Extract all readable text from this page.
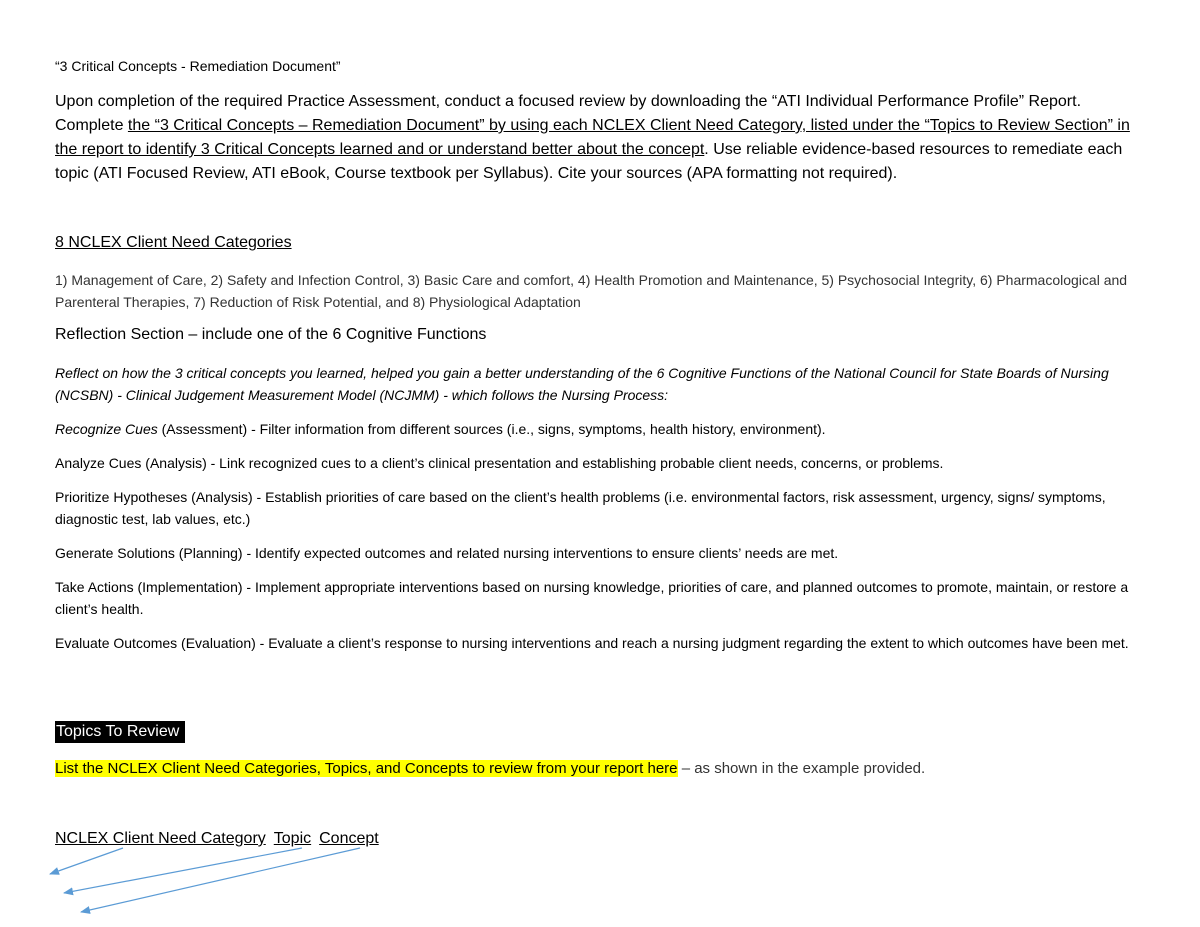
“3 Critical Concepts - Remediation Document”
Upon completion of the required Practice Assessment, conduct a focused review by downloading the “ATI Individual Performance Profile” Report. Complete the “3 Critical Concepts – Remediation Document” by using each NCLEX Client Need Category, listed under the “Topics to Review Section” in the report to identify 3 Critical Concepts learned and or understand better about the concept. Use reliable evidence-based resources to remediate each topic (ATI Focused Review, ATI eBook, Course textbook per Syllabus). Cite your sources (APA formatting not required).
8 NCLEX Client Need Categories
1) Management of Care, 2) Safety and Infection Control, 3) Basic Care and comfort, 4) Health Promotion and Maintenance, 5) Psychosocial Integrity, 6) Pharmacological and Parenteral Therapies, 7) Reduction of Risk Potential, and 8) Physiological Adaptation
Reflection Section – include one of the 6 Cognitive Functions
Reflect on how the 3 critical concepts you learned, helped you gain a better understanding of the 6 Cognitive Functions of the National Council for State Boards of Nursing (NCSBN) - Clinical Judgement Measurement Model (NCJMM) - which follows the Nursing Process:
Recognize Cues (Assessment) - Filter information from different sources (i.e., signs, symptoms, health history, environment).
Analyze Cues (Analysis) - Link recognized cues to a client’s clinical presentation and establishing probable client needs, concerns, or problems.
Prioritize Hypotheses (Analysis) - Establish priorities of care based on the client’s health problems (i.e. environmental factors, risk assessment, urgency, signs/ symptoms, diagnostic test, lab values, etc.)
Generate Solutions (Planning) - Identify expected outcomes and related nursing interventions to ensure clients’ needs are met.
Take Actions (Implementation) - Implement appropriate interventions based on nursing knowledge, priorities of care, and planned outcomes to promote, maintain, or restore a client’s health.
Evaluate Outcomes (Evaluation) - Evaluate a client’s response to nursing interventions and reach a nursing judgment regarding the extent to which outcomes have been met.
Topics To Review
List the NCLEX Client Need Categories, Topics, and Concepts to review from your report here – as shown in the example provided.
NCLEX Client Need Category Topic Concept
